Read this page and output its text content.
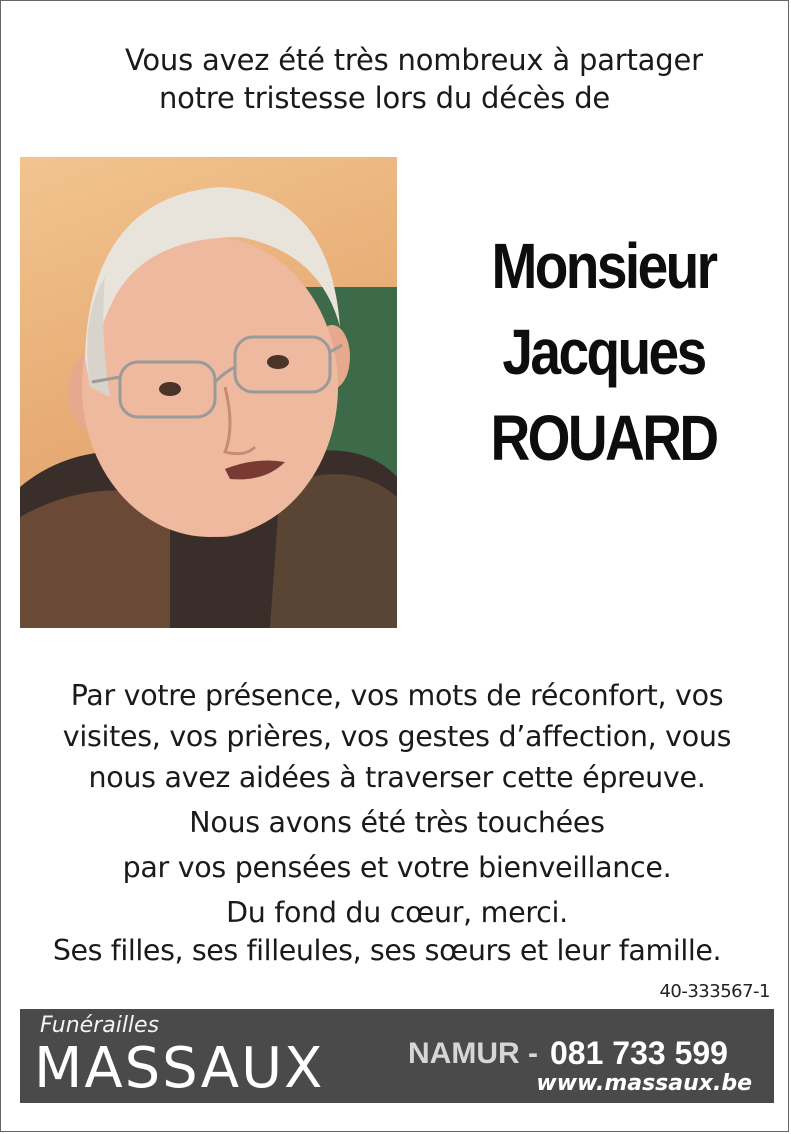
Vous avez été très nombreux à partager
notre tristesse lors du décès de
Monsieur
Jacques
ROUARD
Par votre présence, vos mots de réconfort, vos
visites, vos prières, vos gestes d’affection, vous
nous avez aidées à traverser cette épreuve.
Nous avons été très touchées
par vos pensées et votre bienveillance.
Du fond du cœur, merci.
Ses filles, ses filleules, ses sœurs et leur famille.
40-333567-1
Funérailles
MASSAUX	NAMUR - 081 733 599
www.massaux.be
